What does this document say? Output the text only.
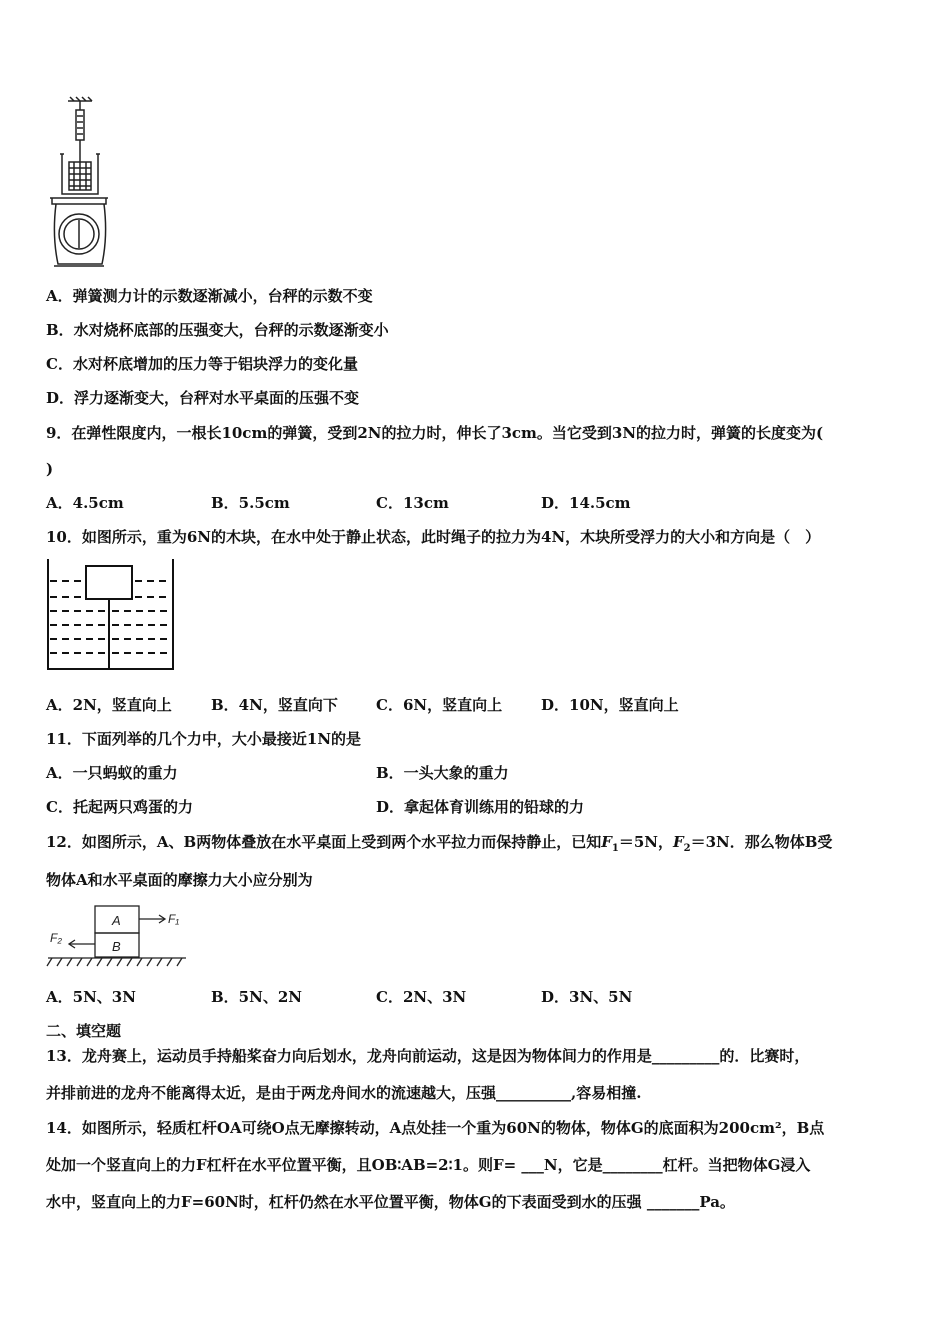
A．弹簧测力计的示数逐渐减小，台秤的示数不变
B．水对烧杯底部的压强变大，台秤的示数逐渐变小
C．水对杯底增加的压力等于铝块浮力的变化量
D．浮力逐渐变大，台秤对水平桌面的压强不变
9．在弹性限度内，一根长10cm的弹簧，受到2N的拉力时，伸长了3cm。当它受到3N的拉力时，弹簧的长度变为(
)
A．4.5cm	B．5.5cm	C．13cm	D．14.5cm
10．如图所示，重为6N的木块，在水中处于静止状态，此时绳子的拉力为4N，木块所受浮力的大小和方向是（　）
A．2N，竖直向上	B．4N，竖直向下	C．6N，竖直向上	D．10N，竖直向上
11．下面列举的几个力中，大小最接近1N的是
A．一只蚂蚁的重力	B．一头大象的重力
C．托起两只鸡蛋的力	D．拿起体育训练用的铅球的力
12．如图所示，A、B两物体叠放在水平桌面上受到两个水平拉力而保持静止，已知$F_1=5N$，$F_2=3N$．那么物体B受
物体A和水平桌面的摩擦力大小应分别为
A
B
F₁
F₂
A．5N、3N	B．5N、2N	C．2N、3N	D．3N、5N
二、填空题
13．龙舟赛上，运动员手持船桨奋力向后划水，龙舟向前运动，这是因为物体间力的作用是_________的．比赛时，
并排前进的龙舟不能离得太近，是由于两龙舟间水的流速越大，压强__________,容易相撞.
14．如图所示，轻质杠杆OA可绕O点无摩擦转动，A点处挂一个重为60N的物体，物体G的底面积为200cm²，B点
处加一个竖直向上的力F杠杆在水平位置平衡，且OB∶AB=2∶1。则F= ___N，它是________杠杆。当把物体G浸入
水中，竖直向上的力F=60N时，杠杆仍然在水平位置平衡，物体G的下表面受到水的压强 _______Pa。
